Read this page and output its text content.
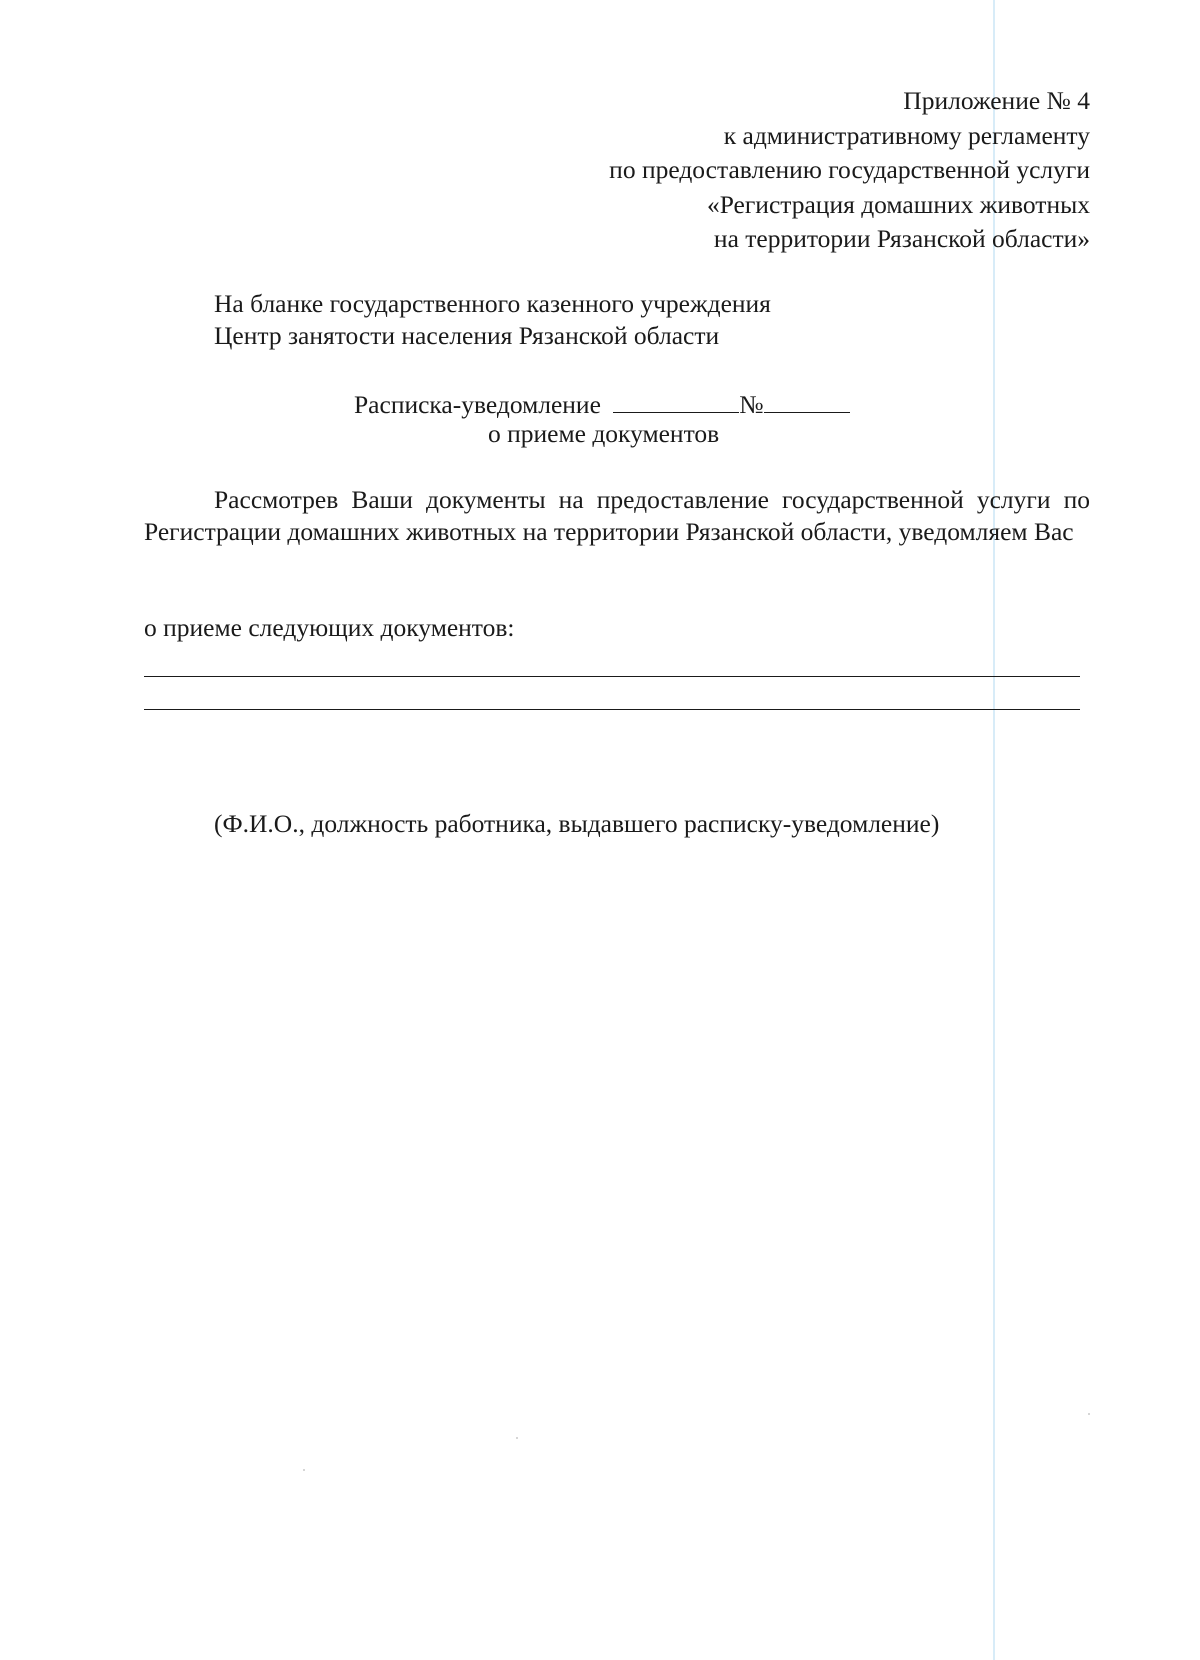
Приложение № 4
к административному регламенту
по предоставлению государственной услуги
«Регистрация домашних животных
на территории Рязанской области»
На бланке государственного казенного учреждения
Центр занятости населения Рязанской области
Расписка-уведомление	№
о приеме документов
Рассмотрев Ваши документы на предоставление государственной услуги по Регистрации домашних животных на территории Рязанской области, уведомляем Вас
о приеме следующих документов:
(Ф.И.О., должность работника, выдавшего расписку-уведомление)
